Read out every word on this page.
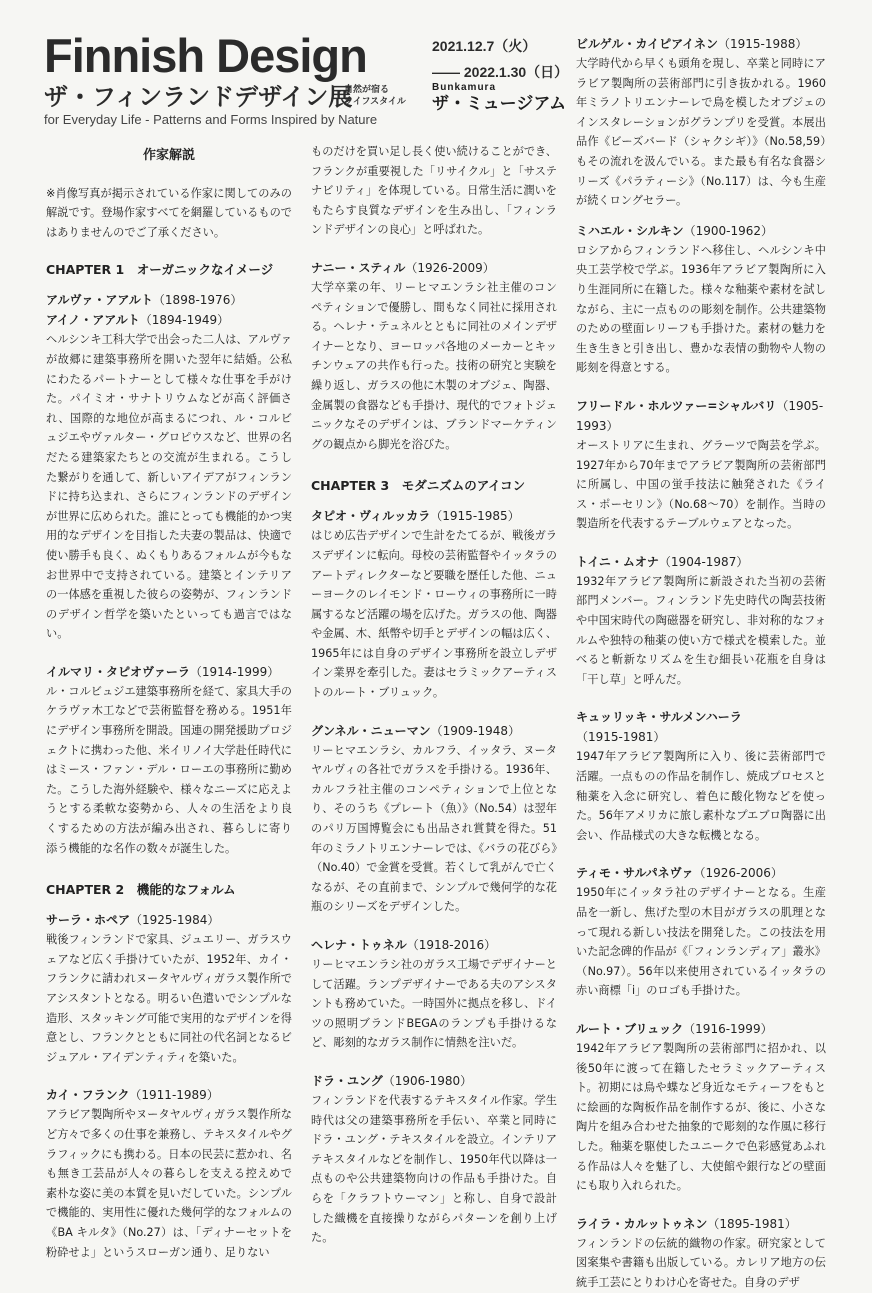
Finnish Design
ザ・フィンランドデザイン展
自然が宿る
ライフスタイル
for Everyday Life - Patterns and Forms Inspired by Nature
2021.12.7（火）
—— 2022.1.30（日）
Bunkamura
ザ・ミュージアム
作家解説

※肖像写真が掲示されている作家に関してのみの解説です。登場作家すべてを網羅しているものではありませんのでご了承ください。

CHAPTER 1　オーガニックなイメージ
アルヴァ・アアルト（1898-1976）
アイノ・アアルト（1894-1949）

ヘルシンキ工科大学で出会った二人は、アルヴァが故郷に建築事務所を開いた翌年に結婚。公私にわたるパートナーとして様々な仕事を手がけた。パイミオ・サナトリウムなどが高く評価され、国際的な地位が高まるにつれ、ル・コルビュジエやヴァルター・グロピウスなど、世界の名だたる建築家たちとの交流が生まれる。こうした繋がりを通して、新しいアイデアがフィンランドに持ち込まれ、さらにフィンランドのデザインが世界に広められた。誰にとっても機能的かつ実用的なデザインを目指した夫妻の製品は、快適で使い勝手も良く、ぬくもりあるフォルムが今もなお世界中で支持されている。建築とインテリアの一体感を重視した彼らの姿勢が、フィンランドのデザイン哲学を築いたといっても過言ではない。

イルマリ・タピオヴァーラ（1914-1999）

ル・コルビュジエ建築事務所を経て、家具大手のケラヴァ木工などで芸術監督を務める。1951年にデザイン事務所を開設。国連の開発援助プロジェクトに携わった他、米イリノイ大学赴任時代にはミース・ファン・デル・ローエの事務所に勤めた。こうした海外経験や、様々なニーズに応えようとする柔軟な姿勢から、人々の生活をより良くするための方法が編み出され、暮らしに寄り添う機能的な名作の数々が誕生した。

CHAPTER 2　機能的なフォルム
サーラ・ホペア（1925-1984）

戦後フィンランドで家具、ジュエリー、ガラスウェアなど広く手掛けていたが、1952年、カイ・フランクに請われヌータヤルヴィガラス製作所でアシスタントとなる。明るい色遣いでシンプルな造形、スタッキング可能で実用的なデザインを得意とし、フランクとともに同社の代名詞となるビジュアル・アイデンティティを築いた。

カイ・フランク（1911-1989）

アラビア製陶所やヌータヤルヴィガラス製作所など方々で多くの仕事を兼務し、テキスタイルやグラフィックにも携わる。日本の民芸に惹かれ、名も無き工芸品が人々の暮らしを支える控えめで素朴な姿に美の本質を見いだしていた。シンプルで機能的、実用性に優れた幾何学的なフォルムの《BA キルタ》（No.27）は、「ディナーセットを粉砕せよ」というスローガン通り、足りない

ものだけを買い足し長く使い続けることができ、フランクが重要視した「リサイクル」と「サステナビリティ」を体現している。日常生活に潤いをもたらす良質なデザインを生み出し、「フィンランドデザインの良心」と呼ばれた。

ナニー・スティル（1926-2009）

大学卒業の年、リーヒマエンラシ社主催のコンペティションで優勝し、間もなく同社に採用される。ヘレナ・テュネルとともに同社のメインデザイナーとなり、ヨーロッパ各地のメーカーとキッチンウェアの共作も行った。技術の研究と実験を繰り返し、ガラスの他に木製のオブジェ、陶器、金属製の食器なども手掛け、現代的でフォトジェニックなそのデザインは、ブランドマーケティングの観点から脚光を浴びた。

CHAPTER 3　モダニズムのアイコン
タピオ・ヴィルッカラ（1915-1985）

はじめ広告デザインで生計をたてるが、戦後ガラスデザインに転向。母校の芸術監督やイッタラのアートディレクターなど要職を歴任した他、ニューヨークのレイモンド・ローウィの事務所に一時属するなど活躍の場を広げた。ガラスの他、陶器や金属、木、紙幣や切手とデザインの幅は広く、1965年には自身のデザイン事務所を設立しデザイン業界を牽引した。妻はセラミックアーティストのルート・ブリュック。

グンネル・ニューマン（1909-1948）

リーヒマエンラシ、カルフラ、イッタラ、ヌータヤルヴィの各社でガラスを手掛ける。1936年、カルフラ社主催のコンペティションで上位となり、そのうち《プレート（魚）》（No.54）は翌年のパリ万国博覧会にも出品され賞賛を得た。51年のミラノトリエンナーレでは、《バラの花びら》（No.40）で金賞を受賞。若くして乳がんで亡くなるが、その直前まで、シンプルで幾何学的な花瓶のシリーズをデザインした。

ヘレナ・トゥネル（1918-2016）

リーヒマエンラシ社のガラス工場でデザイナーとして活躍。ランプデザイナーである夫のアシスタントも務めていた。一時国外に拠点を移し、ドイツの照明ブランドBEGAのランプも手掛けるなど、彫刻的なガラス制作に情熱を注いだ。

ドラ・ユング（1906-1980）

フィンランドを代表するテキスタイル作家。学生時代は父の建築事務所を手伝い、卒業と同時にドラ・ユング・テキスタイルを設立。インテリアテキスタイルなどを制作し、1950年代以降は一点ものや公共建築物向けの作品も手掛けた。自らを「クラフトウーマン」と称し、自身で設計した織機を直接操りながらパターンを創り上げた。

ビルゲル・カイピアイネン（1915-1988）

大学時代から早くも頭角を現し、卒業と同時にアラビア製陶所の芸術部門に引き抜かれる。1960年ミラノトリエンナーレで鳥を模したオブジェのインスタレーションがグランプリを受賞。本展出品作《ビーズバード（シャクシギ）》（No.58,59）もその流れを汲んでいる。また最も有名な食器シリーズ《パラティーシ》（No.117）は、今も生産が続くロングセラー。

ミハエル・シルキン（1900-1962）

ロシアからフィンランドへ移住し、ヘルシンキ中央工芸学校で学ぶ。1936年アラビア製陶所に入り生涯同所に在籍した。様々な釉薬や素材を試しながら、主に一点ものの彫刻を制作。公共建築物のための壁面レリーフも手掛けた。素材の魅力を生き生きと引き出し、豊かな表情の動物や人物の彫刻を得意とする。

フリードル・ホルツァー=シャルバリ（1905-1993）

オーストリアに生まれ、グラーツで陶芸を学ぶ。1927年から70年までアラビア製陶所の芸術部門に所属し、中国の蛍手技法に触発された《ライス・ポーセリン》（No.68～70）を制作。当時の製造所を代表するテーブルウェアとなった。

トイニ・ムオナ（1904-1987）

1932年アラビア製陶所に新設された当初の芸術部門メンバー。フィンランド先史時代の陶芸技術や中国宋時代の陶磁器を研究し、非対称的なフォルムや独特の釉薬の使い方で様式を模索した。並べると斬新なリズムを生む細長い花瓶を自身は「干し草」と呼んだ。

キュッリッキ・サルメンハーラ（1915-1981）

1947年アラビア製陶所に入り、後に芸術部門で活躍。一点ものの作品を制作し、焼成プロセスと釉薬を入念に研究し、着色に酸化物などを使った。56年アメリカに旅し素朴なプエブロ陶器に出会い、作品様式の大きな転機となる。

ティモ・サルパネヴァ（1926-2006）

1950年にイッタラ社のデザイナーとなる。生産品を一新し、焦げた型の木目がガラスの肌理となって現れる新しい技法を開発した。この技法を用いた記念碑的作品が《「フィンランディア」叢氷》（No.97）。56年以来使用されているイッタラの赤い商標「i」のロゴも手掛けた。

ルート・ブリュック（1916-1999）

1942年アラビア製陶所の芸術部門に招かれ、以後50年に渡って在籍したセラミックアーティスト。初期には鳥や蝶など身近なモティーフをもとに絵画的な陶板作品を制作するが、後に、小さな陶片を組み合わせた抽象的で彫刻的な作風に移行した。釉薬を駆使したユニークで色彩感覚あふれる作品は人々を魅了し、大使館や銀行などの壁面にも取り入れられた。

ライラ・カルットゥネン（1895-1981）

フィンランドの伝統的織物の作家。研究家として図案集や書籍も出版している。カレリア地方の伝統手工芸にとりわけ心を寄せた。自身のデザ
